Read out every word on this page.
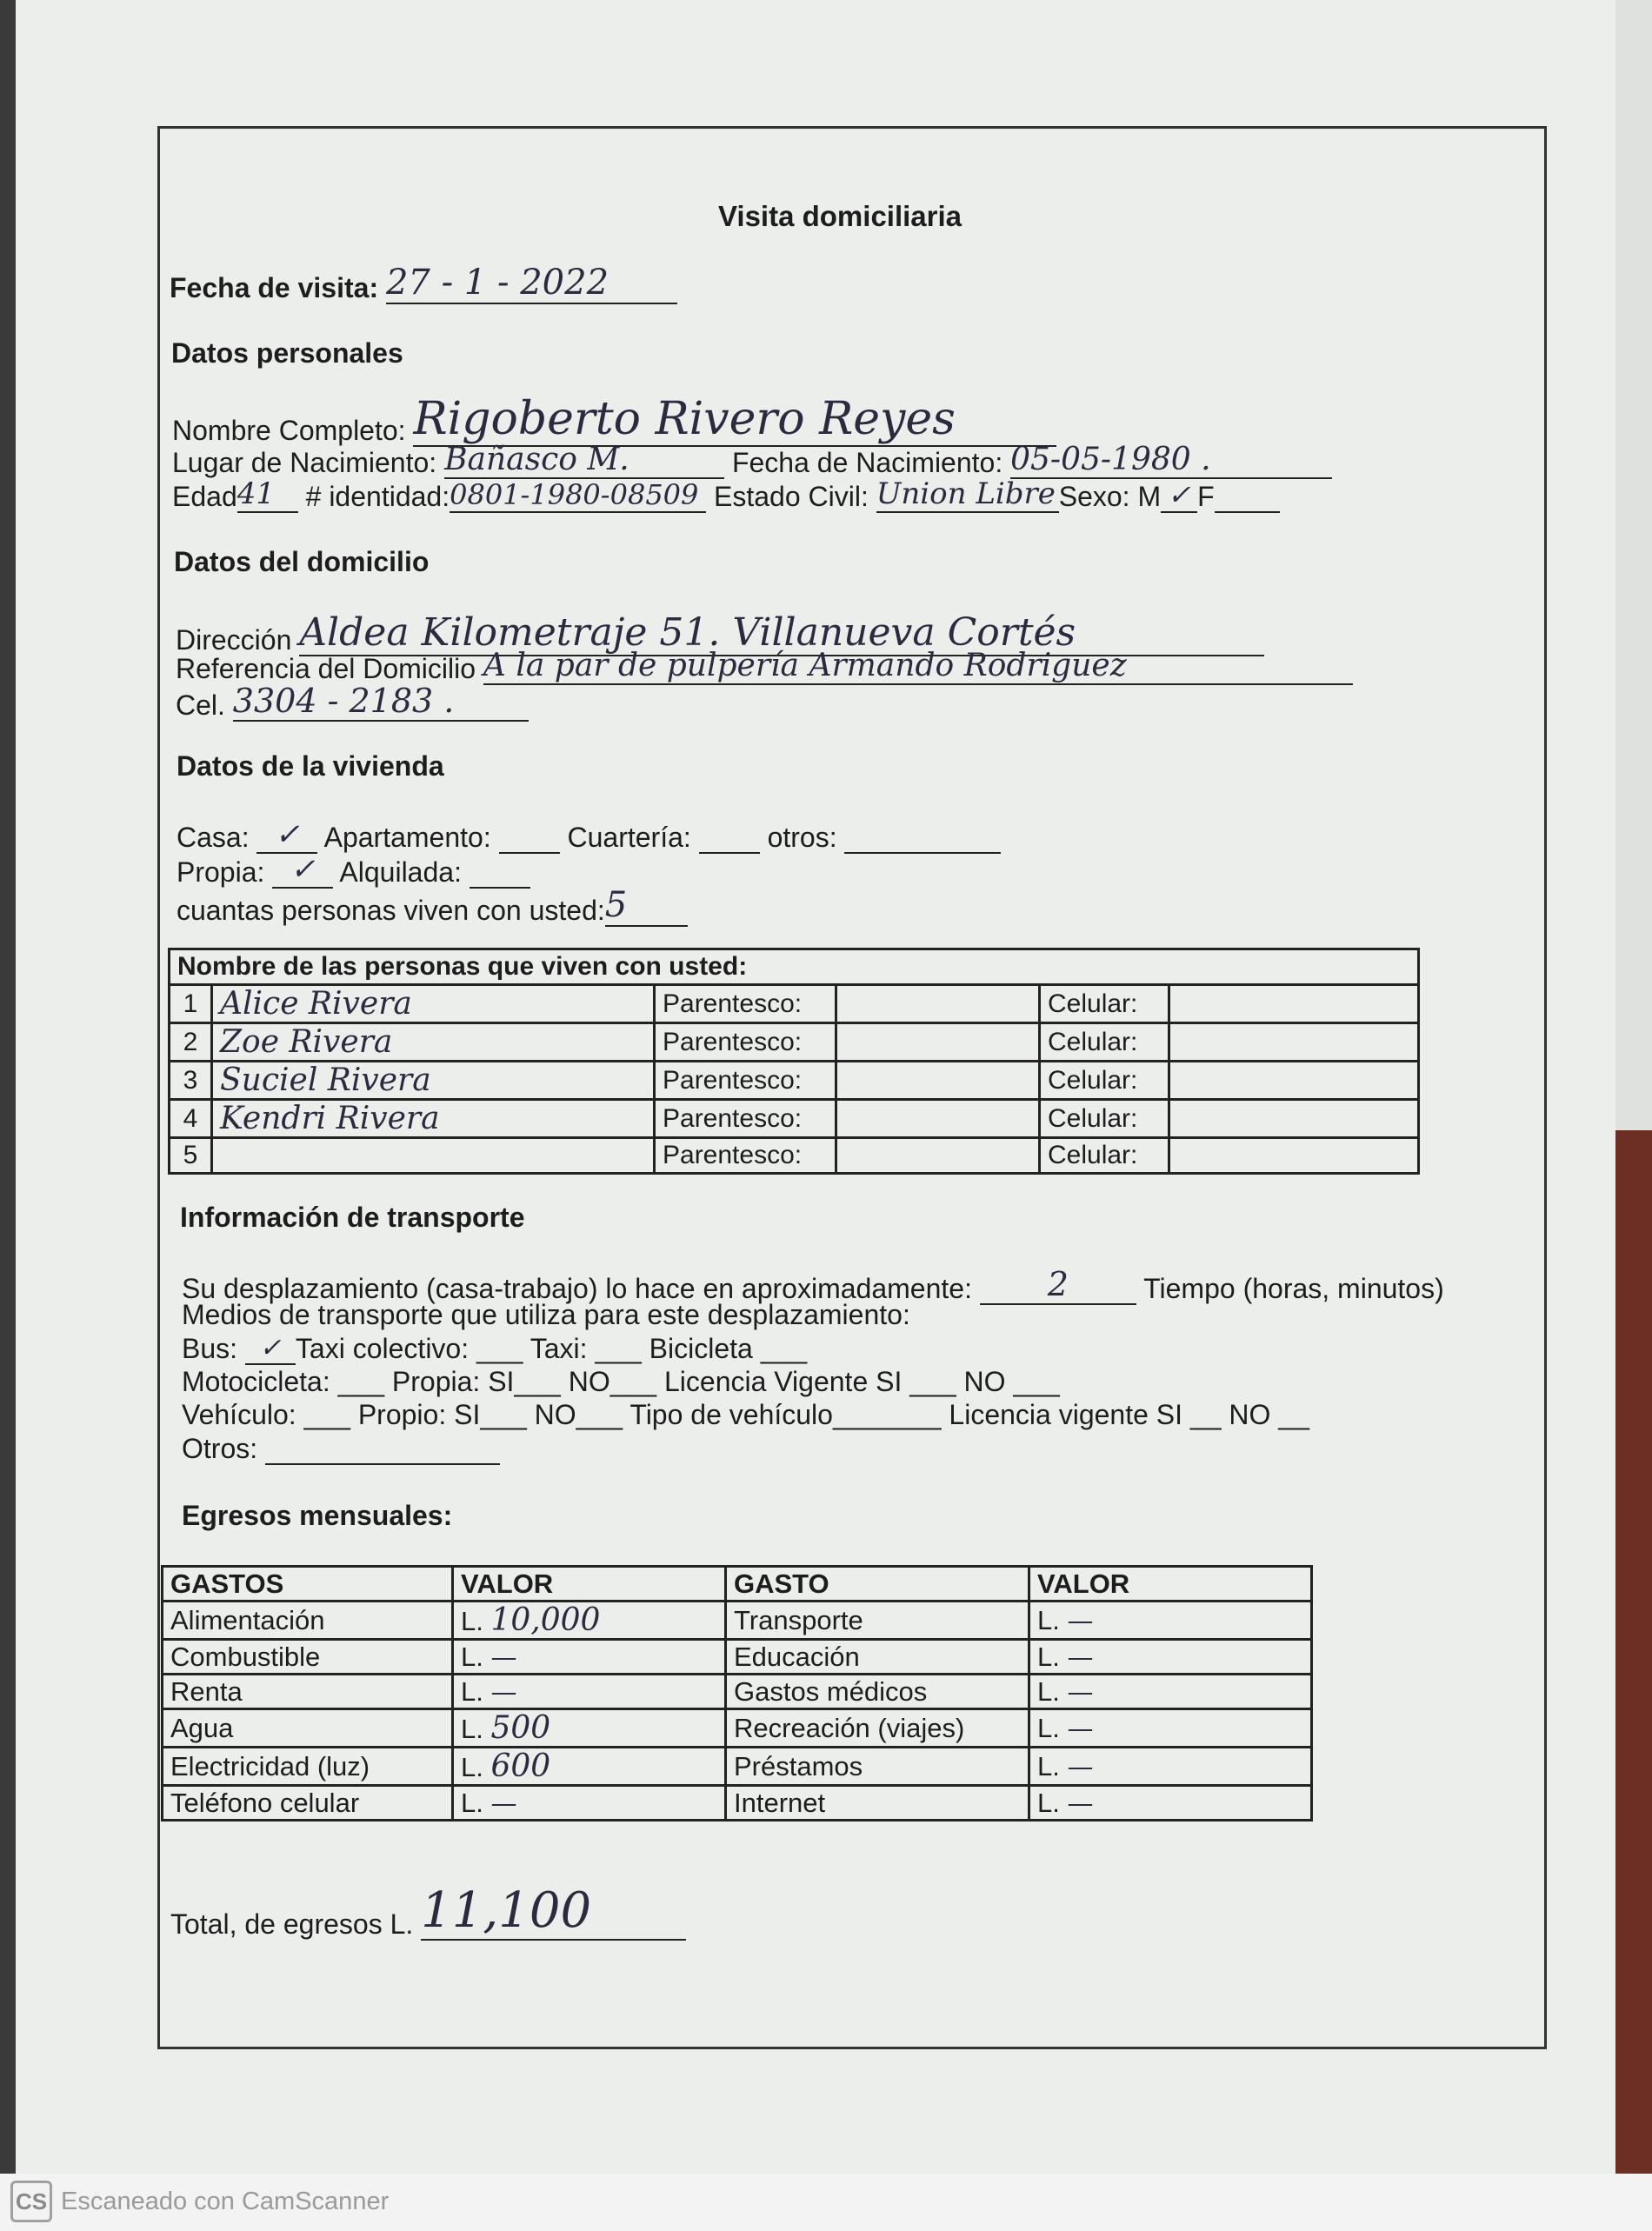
Visita domiciliaria
Fecha de visita: 27 - 1 - 2022
Datos personales
Nombre Completo: Rigoberto Rivero Reyes
Lugar de Nacimiento: Bañasco M.	Fecha de Nacimiento: 05-05-1980 .
Edad41 # identidad:0801-1980-08509 Estado Civil: Union Libre Sexo: M ✓ F
Datos del domicilio
Dirección Aldea Kilometraje 51. Villanueva Cortés
Referencia del Domicilio A la par de pulpería Armando Rodriguez
Cel. 3304 - 2183 .
Datos de la vivienda
Casa: ✓ Apartamento:	Cuartería:	otros:
Propia: ✓ Alquilada:
cuantas personas viven con usted:5
Nombre de las personas que viven con usted:					
1	Alice Rivera	Parentesco:		Celular:	
2	Zoe Rivera	Parentesco:		Celular:	
3	Suciel Rivera	Parentesco:		Celular:	
4	Kendri Rivera	Parentesco:		Celular:	
5		Parentesco:		Celular:	
Información de transporte
Su desplazamiento (casa-trabajo) lo hace en aproximadamente: 2	Tiempo (horas, minutos)
Medios de transporte que utiliza para este desplazamiento:
Bus: ✓ Taxi colectivo: ___ Taxi: ___ Bicicleta ___
Motocicleta: ___ Propia: SI___ NO___ Licencia Vigente SI ___ NO ___
Vehículo: ___ Propio: SI___ NO___ Tipo de vehículo_______ Licencia vigente SI __ NO __
Otros:
Egresos mensuales:
GASTOS	VALOR	GASTO	VALOR
Alimentación	L. 10,000	Transporte	L. —
Combustible	L. —	Educación	L. —
Renta	L. —	Gastos médicos	L. —
Agua	L. 500	Recreación (viajes)	L. —
Electricidad (luz)	L. 600	Préstamos	L. —
Teléfono celular	L. —	Internet	L. —
Total, de egresos L. 11,100
CS Escaneado con CamScanner
